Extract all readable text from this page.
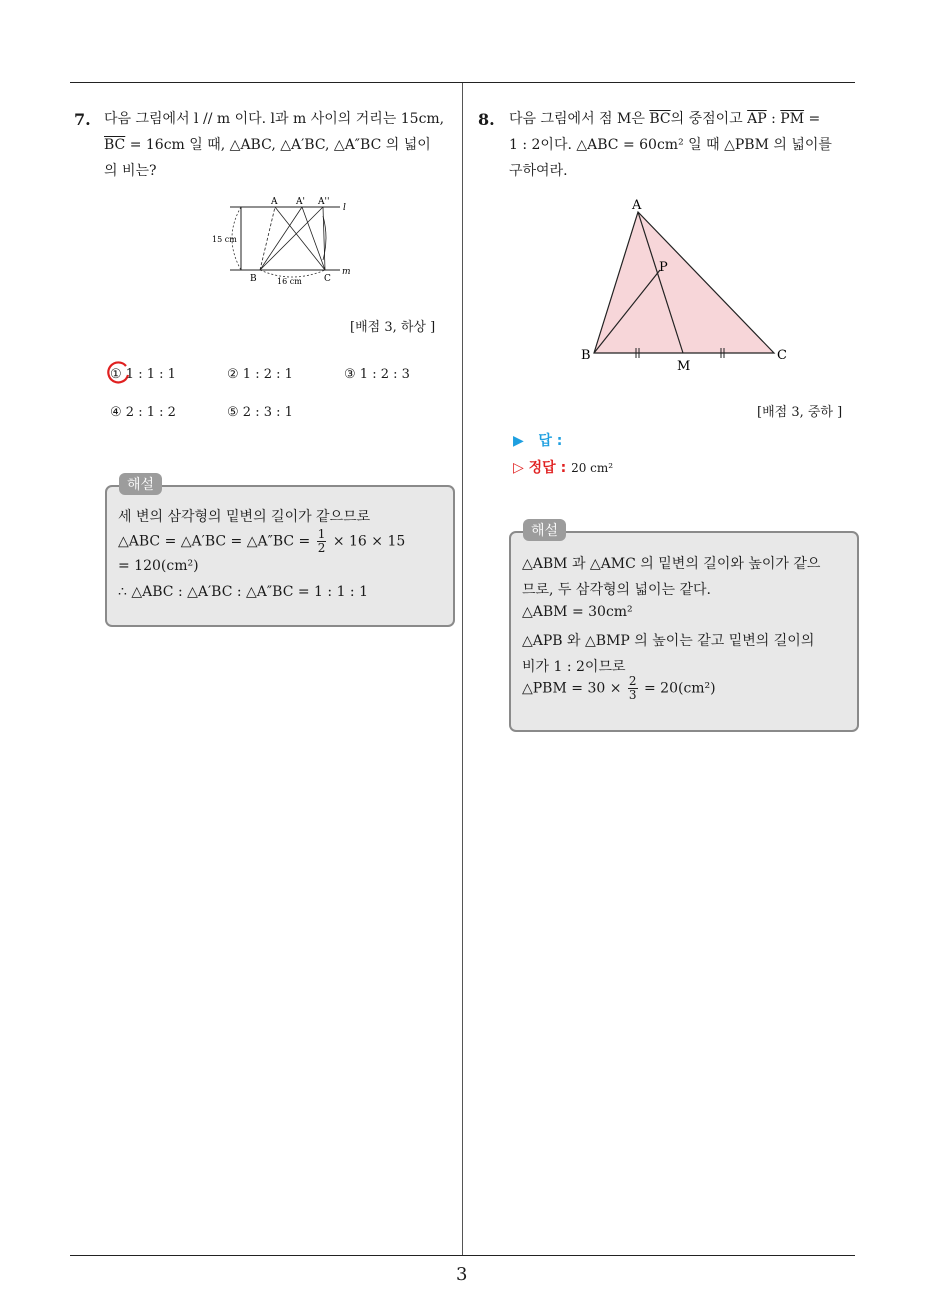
3
7. 다음 그림에서 l // m 이다. l과 m 사이의 거리는 15cm,
$\overline{BC} = 16cm$ 일 때, △ABC, △A′BC, △A″BC 의 넓이
의 비는?
A A' A''
l
m
B	C
15 cm
16 cm
[배점 3, 하상 ]
① 1 : 1 : 1	② 1 : 2 : 1	③ 1 : 2 : 3
④ 2 : 1 : 2	⑤ 2 : 3 : 1
해설
세 변의 삼각형의 밑변의 길이가 같으므로
△ABC = △A′BC = △A″BC = $\frac{1}{2} \times 16 \times 15$
= 120(cm²)
∴ △ABC : △A′BC : △A″BC = 1 : 1 : 1
8. 다음 그림에서 점 M은 $\overline{BC}$의 중점이고 $\overline{AP}$ : $\overline{PM}$ =
1 : 2이다. △ABC = 60cm² 일 때 △PBM 의 넓이를
구하여라.
A
P
B
M
C
[배점 3, 중하 ]
▶ 답 :
▷ 정답 : 20 cm²
해설
△ABM 과 △AMC 의 밑변의 길이와 높이가 같으
므로, 두 삼각형의 넓이는 같다.
△ABM = 30cm²
△APB 와 △BMP 의 높이는 같고 밑변의 길이의
비가 1 : 2이므로
△PBM = $30 \times \frac{2}{3} = 20(cm^2)$
